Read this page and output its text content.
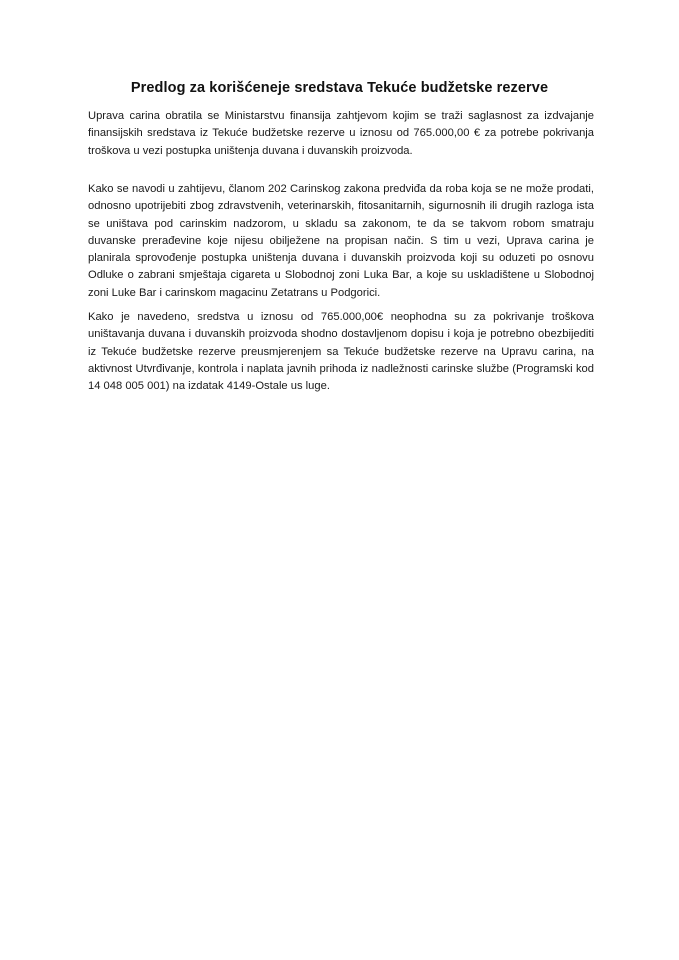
Predlog za korišćeneje sredstava Tekuće budžetske rezerve

Uprava carina obratila se Ministarstvu finansija zahtjevom kojim se traži saglasnost za izdvajanje finansijskih sredstava iz Tekuće budžetske rezerve u iznosu od 765.000,00 € za potrebe pokrivanja troškova u vezi postupka uništenja duvana i duvanskih proizvoda.

Kako se navodi u zahtijevu, članom 202 Carinskog zakona predviđa da roba koja se ne može prodati, odnosno upotrijebiti zbog zdravstvenih, veterinarskih, fitosanitarnih, sigurnosnih ili drugih razloga ista se uništava pod carinskim nadzorom, u skladu sa zakonom, te da se takvom robom smatraju duvanske prerađevine koje nijesu obilježene na propisan način. S tim u vezi, Uprava carina je planirala sprovođenje postupka uništenja duvana i duvanskih proizvoda koji su oduzeti po osnovu Odluke o zabrani smještaja cigareta u Slobodnoj zoni Luka Bar, a koje su uskladištene u Slobodnoj zoni Luke Bar i carinskom magacinu Zetatrans u Podgorici.

Kako je navedeno, sredstva u iznosu od 765.000,00€ neophodna su za pokrivanje troškova uništavanja duvana i duvanskih proizvoda shodno dostavljenom dopisu i koja je potrebno obezbijediti iz Tekuće budžetske rezerve preusmjerenjem sa Tekuće budžetske rezerve na Upravu carina, na aktivnost Utvrđivanje, kontrola i naplata javnih prihoda iz nadležnosti carinske službe (Programski kod 14 048 005 001) na izdatak 4149-Ostale us luge.
